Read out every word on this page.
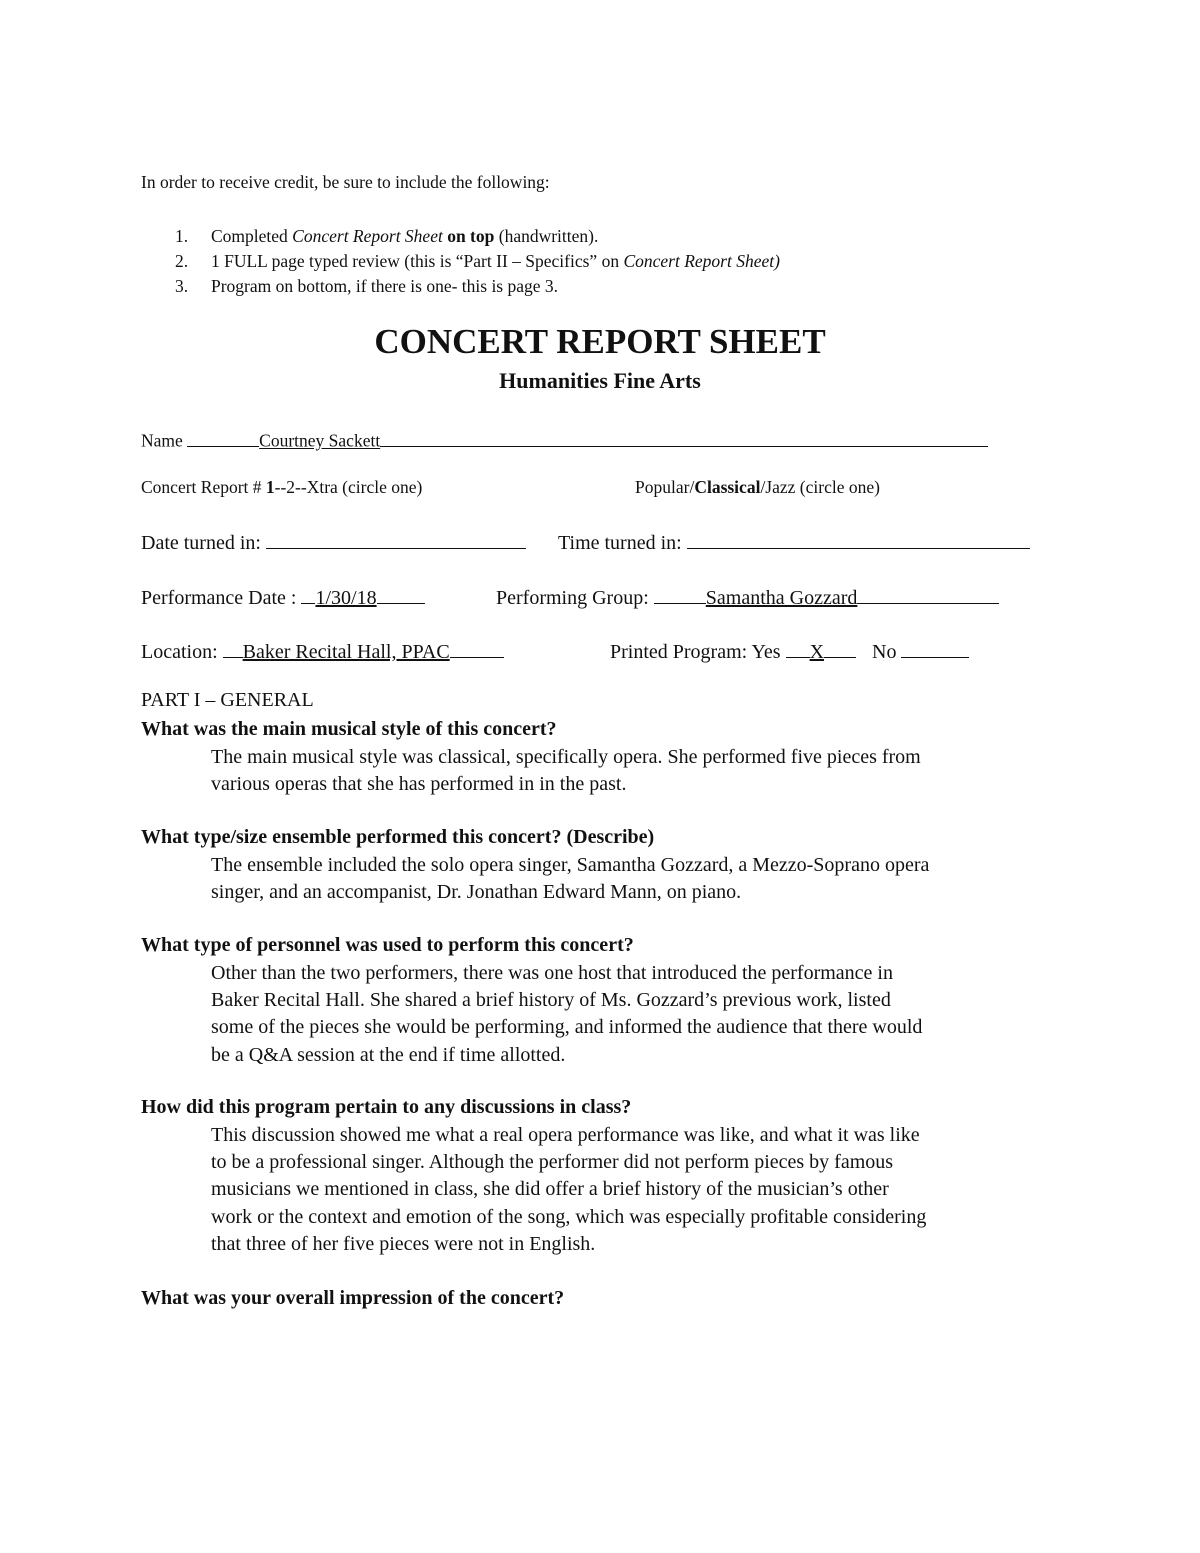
In order to receive credit, be sure to include the following:
1. Completed Concert Report Sheet on top (handwritten).
2. 1 FULL page typed review (this is “Part II – Specifics” on Concert Report Sheet)
3. Program on bottom, if there is one- this is page 3.
CONCERT REPORT SHEET
Humanities Fine Arts
Name	Courtney Sackett
Concert Report # 1--2--Xtra (circle one)	Popular/Classical/Jazz (circle one)
Date turned in:	Time turned in:
Performance Date : 1/30/18	Performing Group:	Samantha Gozzard
Location: Baker Recital Hall, PPAC	Printed Program: Yes X No
PART I – GENERAL
What was the main musical style of this concert?
The main musical style was classical, specifically opera. She performed five pieces from
various operas that she has performed in in the past.
What type/size ensemble performed this concert? (Describe)
The ensemble included the solo opera singer, Samantha Gozzard, a Mezzo-Soprano opera
singer, and an accompanist, Dr. Jonathan Edward Mann, on piano.
What type of personnel was used to perform this concert?
Other than the two performers, there was one host that introduced the performance in
Baker Recital Hall. She shared a brief history of Ms. Gozzard’s previous work, listed
some of the pieces she would be performing, and informed the audience that there would
be a Q&A session at the end if time allotted.
How did this program pertain to any discussions in class?
This discussion showed me what a real opera performance was like, and what it was like
to be a professional singer. Although the performer did not perform pieces by famous
musicians we mentioned in class, she did offer a brief history of the musician’s other
work or the context and emotion of the song, which was especially profitable considering
that three of her five pieces were not in English.
What was your overall impression of the concert?
